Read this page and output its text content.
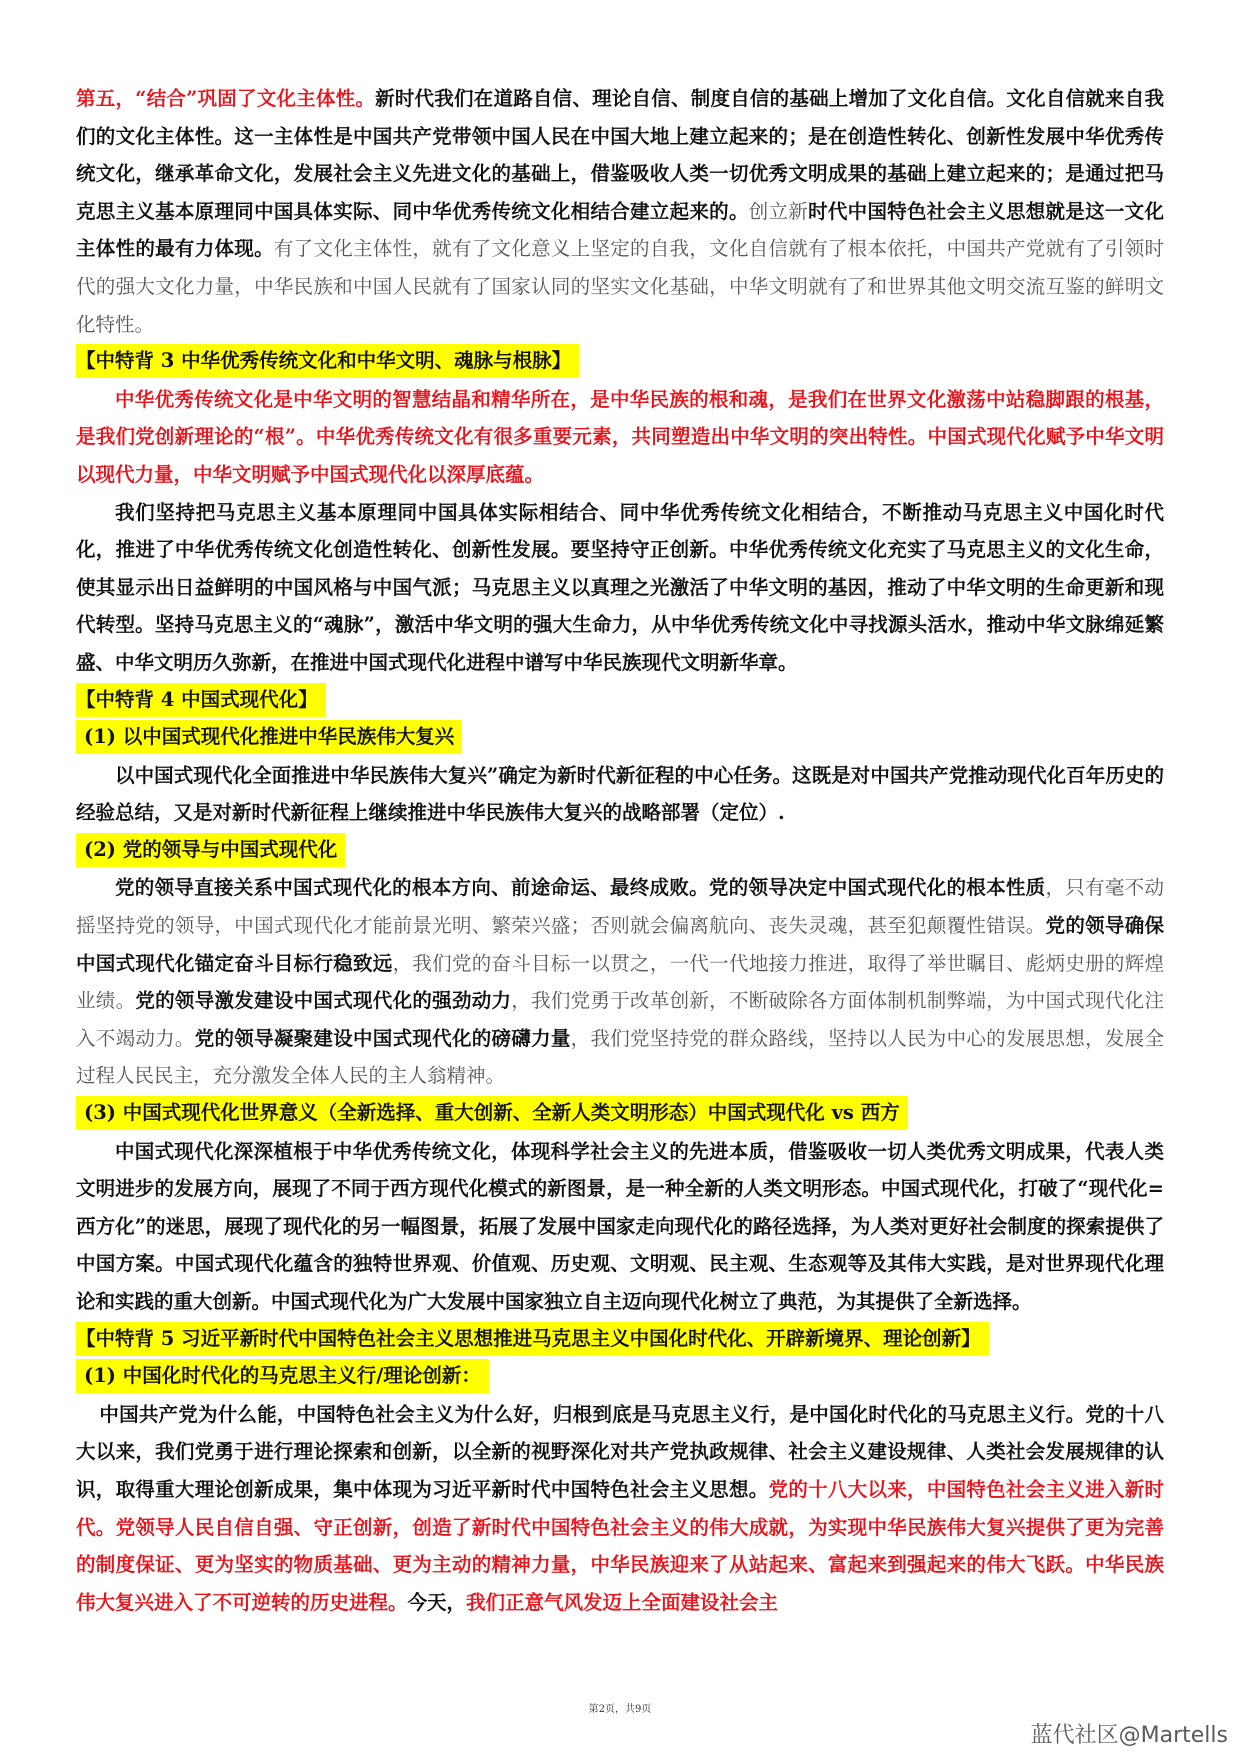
第五，“结合”巩固了文化主体性。新时代我们在道路自信、理论自信、制度自信的基础上增加了文化自信。文化自信就来自我们的文化主体性。这一主体性是中国共产党带领中国人民在中国大地上建立起来的；是在创造性转化、创新性发展中华优秀传统文化，继承革命文化，发展社会主义先进文化的基础上，借鉴吸收人类一切优秀文明成果的基础上建立起来的；是通过把马克思主义基本原理同中国具体实际、同中华优秀传统文化相结合建立起来的。创立新时代中国特色社会主义思想就是这一文化主体性的最有力体现。有了文化主体性，就有了文化意义上坚定的自我，文化自信就有了根本依托，中国共产党就有了引领时代的强大文化力量，中华民族和中国人民就有了国家认同的坚实文化基础，中华文明就有了和世界其他文明交流互鉴的鲜明文化特性。

【中特背 3 中华优秀传统文化和中华文明、魂脉与根脉】

中华优秀传统文化是中华文明的智慧结晶和精华所在，是中华民族的根和魂，是我们在世界文化激荡中站稳脚跟的根基，是我们党创新理论的“根”。中华优秀传统文化有很多重要元素，共同塑造出中华文明的突出特性。中国式现代化赋予中华文明以现代力量，中华文明赋予中国式现代化以深厚底蕴。

我们坚持把马克思主义基本原理同中国具体实际相结合、同中华优秀传统文化相结合，不断推动马克思主义中国化时代化，推进了中华优秀传统文化创造性转化、创新性发展。要坚持守正创新。中华优秀传统文化充实了马克思主义的文化生命，使其显示出日益鲜明的中国风格与中国气派；马克思主义以真理之光激活了中华文明的基因，推动了中华文明的生命更新和现代转型。坚持马克思主义的“魂脉”，激活中华文明的强大生命力，从中华优秀传统文化中寻找源头活水，推动中华文脉绵延繁盛、中华文明历久弥新，在推进中国式现代化进程中谱写中华民族现代文明新华章。

【中特背 4 中国式现代化】

(1) 以中国式现代化推进中华民族伟大复兴

以中国式现代化全面推进中华民族伟大复兴”确定为新时代新征程的中心任务。这既是对中国共产党推动现代化百年历史的经验总结，又是对新时代新征程上继续推进中华民族伟大复兴的战略部署（定位）.

(2) 党的领导与中国式现代化

党的领导直接关系中国式现代化的根本方向、前途命运、最终成败。党的领导决定中国式现代化的根本性质，只有毫不动摇坚持党的领导，中国式现代化才能前景光明、繁荣兴盛；否则就会偏离航向、丧失灵魂，甚至犯颠覆性错误。党的领导确保中国式现代化锚定奋斗目标行稳致远，我们党的奋斗目标一以贯之，一代一代地接力推进，取得了举世瞩目、彪炳史册的辉煌业绩。党的领导激发建设中国式现代化的强劲动力，我们党勇于改革创新，不断破除各方面体制机制弊端，为中国式现代化注入不竭动力。党的领导凝聚建设中国式现代化的磅礴力量，我们党坚持党的群众路线，坚持以人民为中心的发展思想，发展全过程人民民主，充分激发全体人民的主人翁精神。

(3) 中国式现代化世界意义（全新选择、重大创新、全新人类文明形态）中国式现代化 vs 西方

中国式现代化深深植根于中华优秀传统文化，体现科学社会主义的先进本质，借鉴吸收一切人类优秀文明成果，代表人类文明进步的发展方向，展现了不同于西方现代化模式的新图景，是一种全新的人类文明形态。中国式现代化，打破了“现代化=西方化”的迷思，展现了现代化的另一幅图景，拓展了发展中国家走向现代化的路径选择，为人类对更好社会制度的探索提供了中国方案。中国式现代化蕴含的独特世界观、价值观、历史观、文明观、民主观、生态观等及其伟大实践，是对世界现代化理论和实践的重大创新。中国式现代化为广大发展中国家独立自主迈向现代化树立了典范，为其提供了全新选择。

【中特背 5 习近平新时代中国特色社会主义思想推进马克思主义中国化时代化、开辟新境界、理论创新】

(1) 中国化时代化的马克思主义行/理论创新：

中国共产党为什么能，中国特色社会主义为什么好，归根到底是马克思主义行，是中国化时代化的马克思主义行。党的十八大以来，我们党勇于进行理论探索和创新，以全新的视野深化对共产党执政规律、社会主义建设规律、人类社会发展规律的认识，取得重大理论创新成果，集中体现为习近平新时代中国特色社会主义思想。党的十八大以来，中国特色社会主义进入新时代。党领导人民自信自强、守正创新，创造了新时代中国特色社会主义的伟大成就，为实现中华民族伟大复兴提供了更为完善的制度保证、更为坚实的物质基础、更为主动的精神力量，中华民族迎来了从站起来、富起来到强起来的伟大飞跃。中华民族伟大复兴进入了不可逆转的历史进程。今天，我们正意气风发迈上全面建设社会主

第2页，共9页
蓝代社区@Martells
